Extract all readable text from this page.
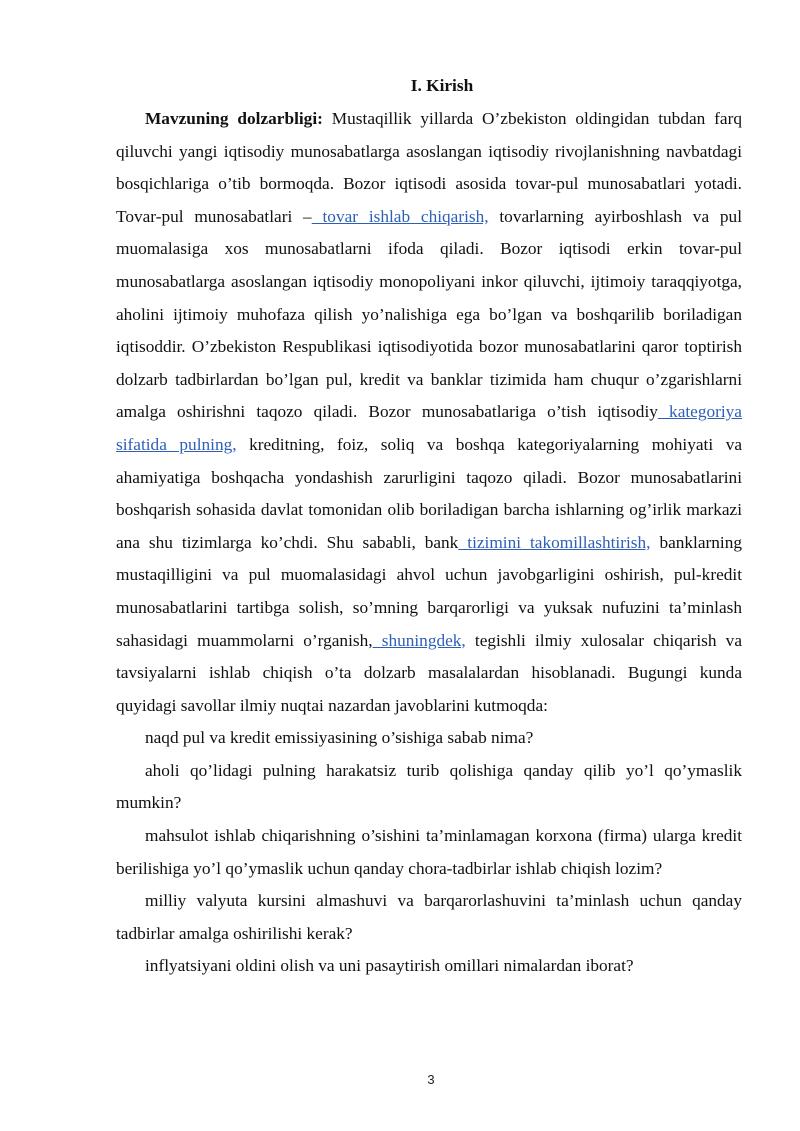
I. Kirish

Mavzuning dolzarbligi: Mustaqillik yillarda O’zbekiston oldingidan tubdan farq qiluvchi yangi iqtisodiy munosabatlarga asoslangan iqtisodiy rivojlanishning navbatdagi bosqichlariga o’tib bormoqda. Bozor iqtisodi asosida tovar-pul munosabatlari yotadi. Tovar-pul munosabatlari – tovar ishlab chiqarish, tovarlarning ayirboshlash va pul muomalasiga xos munosabatlarni ifoda qiladi. Bozor iqtisodi erkin tovar-pul munosabatlarga asoslangan iqtisodiy monopoliyani inkor qiluvchi, ijtimoiy taraqqiyotga, aholini ijtimoiy muhofaza qilish yo’nalishiga ega bo’lgan va boshqarilib boriladigan iqtisoddir. O’zbekiston Respublikasi iqtisodiyotida bozor munosabatlarini qaror toptirish dolzarb tadbirlardan bo’lgan pul, kredit va banklar tizimida ham chuqur o’zgarishlarni amalga oshirishni taqozo qiladi. Bozor munosabatlariga o’tish iqtisodiy kategoriya sifatida pulning, kreditning, foiz, soliq va boshqa kategoriyalarning mohiyati va ahamiyatiga boshqacha yondashish zarurligini taqozo qiladi. Bozor munosabatlarini boshqarish sohasida davlat tomonidan olib boriladigan barcha ishlarning og’irlik markazi ana shu tizimlarga ko’chdi. Shu sababli, bank tizimini takomillashtirish, banklarning mustaqilligini va pul muomalasidagi ahvol uchun javobgarligini oshirish, pul-kredit munosabatlarini tartibga solish, so’mning barqarorligi va yuksak nufuzini ta’minlash sahasidagi muammolarni o’rganish, shuningdek, tegishli ilmiy xulosalar chiqarish va tavsiyalarni ishlab chiqish o’ta dolzarb masalalardan hisoblanadi. Bugungi kunda quyidagi savollar ilmiy nuqtai nazardan javoblarini kutmoqda:

naqd pul va kredit emissiyasining o’sishiga sabab nima?

aholi qo’lidagi pulning harakatsiz turib qolishiga qanday qilib yo’l qo’ymaslik mumkin?

mahsulot ishlab chiqarishning o’sishini ta’minlamagan korxona (firma) ularga kredit berilishiga yo’l qo’ymaslik uchun qanday chora-tadbirlar ishlab chiqish lozim?

milliy valyuta kursini almashuvi va barqarorlashuvini ta’minlash uchun qanday tadbirlar amalga oshirilishi kerak?

inflyatsiyani oldini olish va uni pasaytirish omillari nimalardan iborat?

3
